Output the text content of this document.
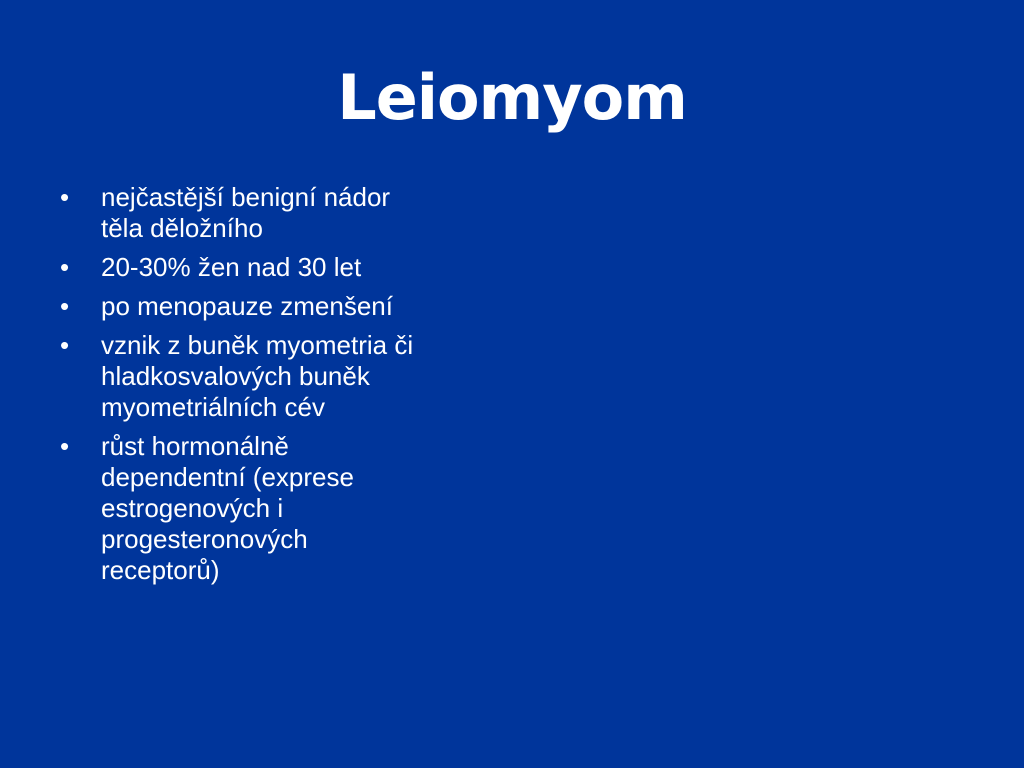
Leiomyom
•	nejčastější benigní nádor
těla děložního
•	20-30% žen nad 30 let
•	po menopauze zmenšení
•	vznik z buněk myometria či
hladkosvalových buněk
myometriálních cév
•	růst hormonálně
dependentní (exprese
estrogenových i
progesteronových
receptorů)
